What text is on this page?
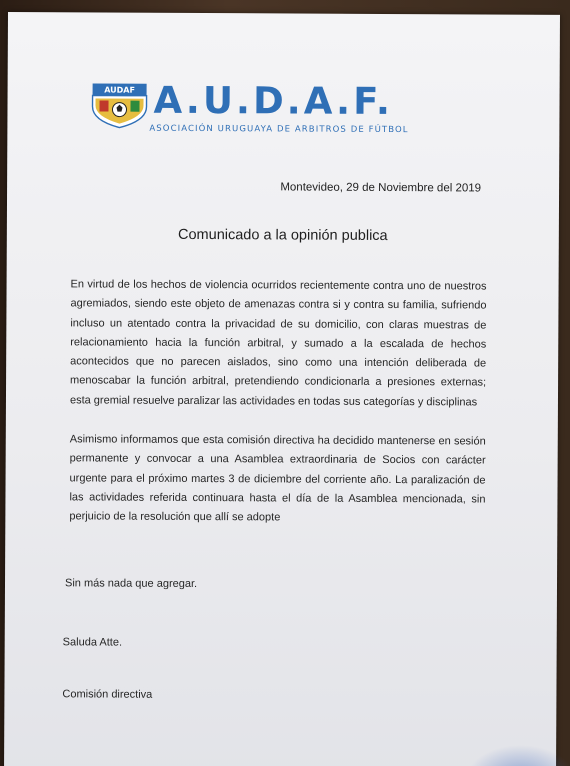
AUDAF A.U.D.A.F.
ASOCIACIÓN URUGUAYA DE ARBITROS DE FÚTBOL
Montevideo, 29 de Noviembre del 2019
Comunicado a la opinión publica
En virtud de los hechos de violencia ocurridos recientemente contra uno de nuestros agremiados, siendo este objeto de amenazas contra si y contra su familia, sufriendo incluso un atentado contra la privacidad de su domicilio, con claras muestras de relacionamiento hacia la función arbitral, y sumado a la escalada de hechos acontecidos que no parecen aislados, sino como una intención deliberada de menoscabar la función arbitral, pretendiendo condicionarla a presiones externas; esta gremial resuelve paralizar las actividades en todas sus categorías y disciplinas
Asimismo informamos que esta comisión directiva ha decidido mantenerse en sesión permanente y convocar a una Asamblea extraordinaria de Socios con carácter urgente para el próximo martes 3 de diciembre del corriente año. La paralización de las actividades referida continuara hasta el día de la Asamblea mencionada, sin perjuicio de la resolución que allí se adopte
Sin más nada que agregar.
Saluda Atte.
Comisión directiva
